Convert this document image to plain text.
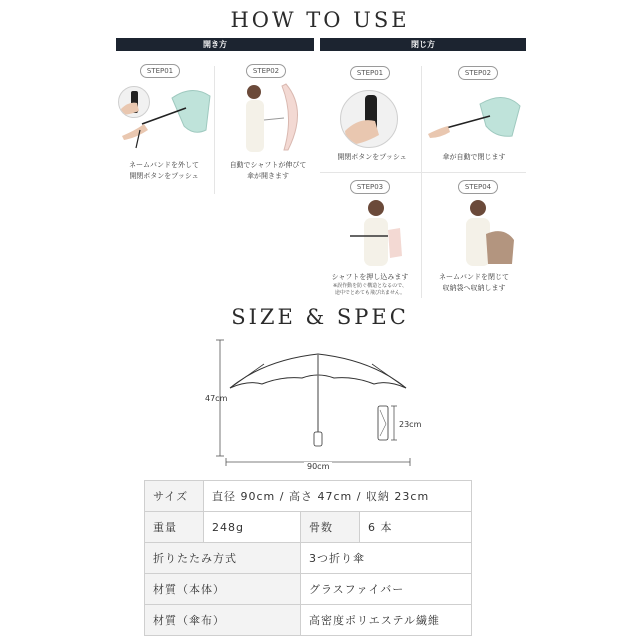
HOW TO USE
開き方	閉じ方
STEP01
ネームバンドを外して
開閉ボタンをプッシュ
STEP02
自動でシャフトが伸びて
傘が開きます
STEP01
開閉ボタンをプッシュ
STEP02
傘が自動で閉じます
STEP03
シャフトを押し込みます
※誤作動を防ぐ構造となるので、
途中でとめても飛び出ません。
STEP04
ネームバンドを閉じて
収納袋へ収納します
SIZE & SPEC
47cm
90cm
23cm
サイズ	直径 90cm / 高さ 47cm / 収納 23cm		
重量	248g	骨数	6 本
折りたたみ方式		3つ折り傘	
材質（本体）		グラスファイバー	
材質（傘布）		高密度ポリエステル繊維	
